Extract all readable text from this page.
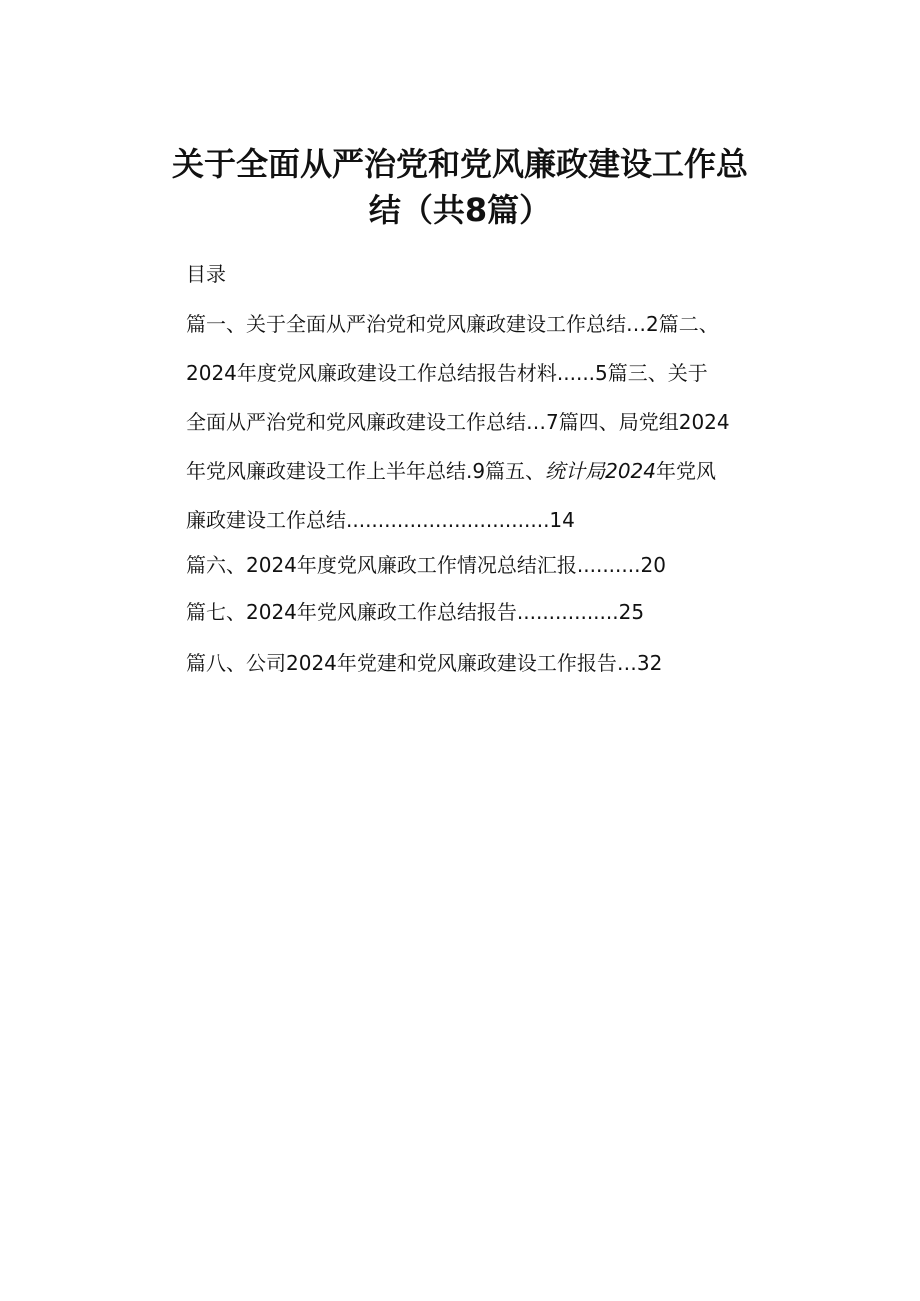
关于全面从严治党和党风廉政建设工作总
结（共8篇）

目录

篇一、关于全面从严治党和党风廉政建设工作总结…2篇二、

2024年度党风廉政建设工作总结报告材料......5篇三、关于

全面从严治党和党风廉政建设工作总结…7篇四、局党组2024

年党风廉政建设工作上半年总结.9篇五、统计局2024年党风

廉政建设工作总结................................14

篇六、2024年度党风廉政工作情况总结汇报..........20

篇七、2024年党风廉政工作总结报告................25

篇八、公司2024年党建和党风廉政建设工作报告…32
